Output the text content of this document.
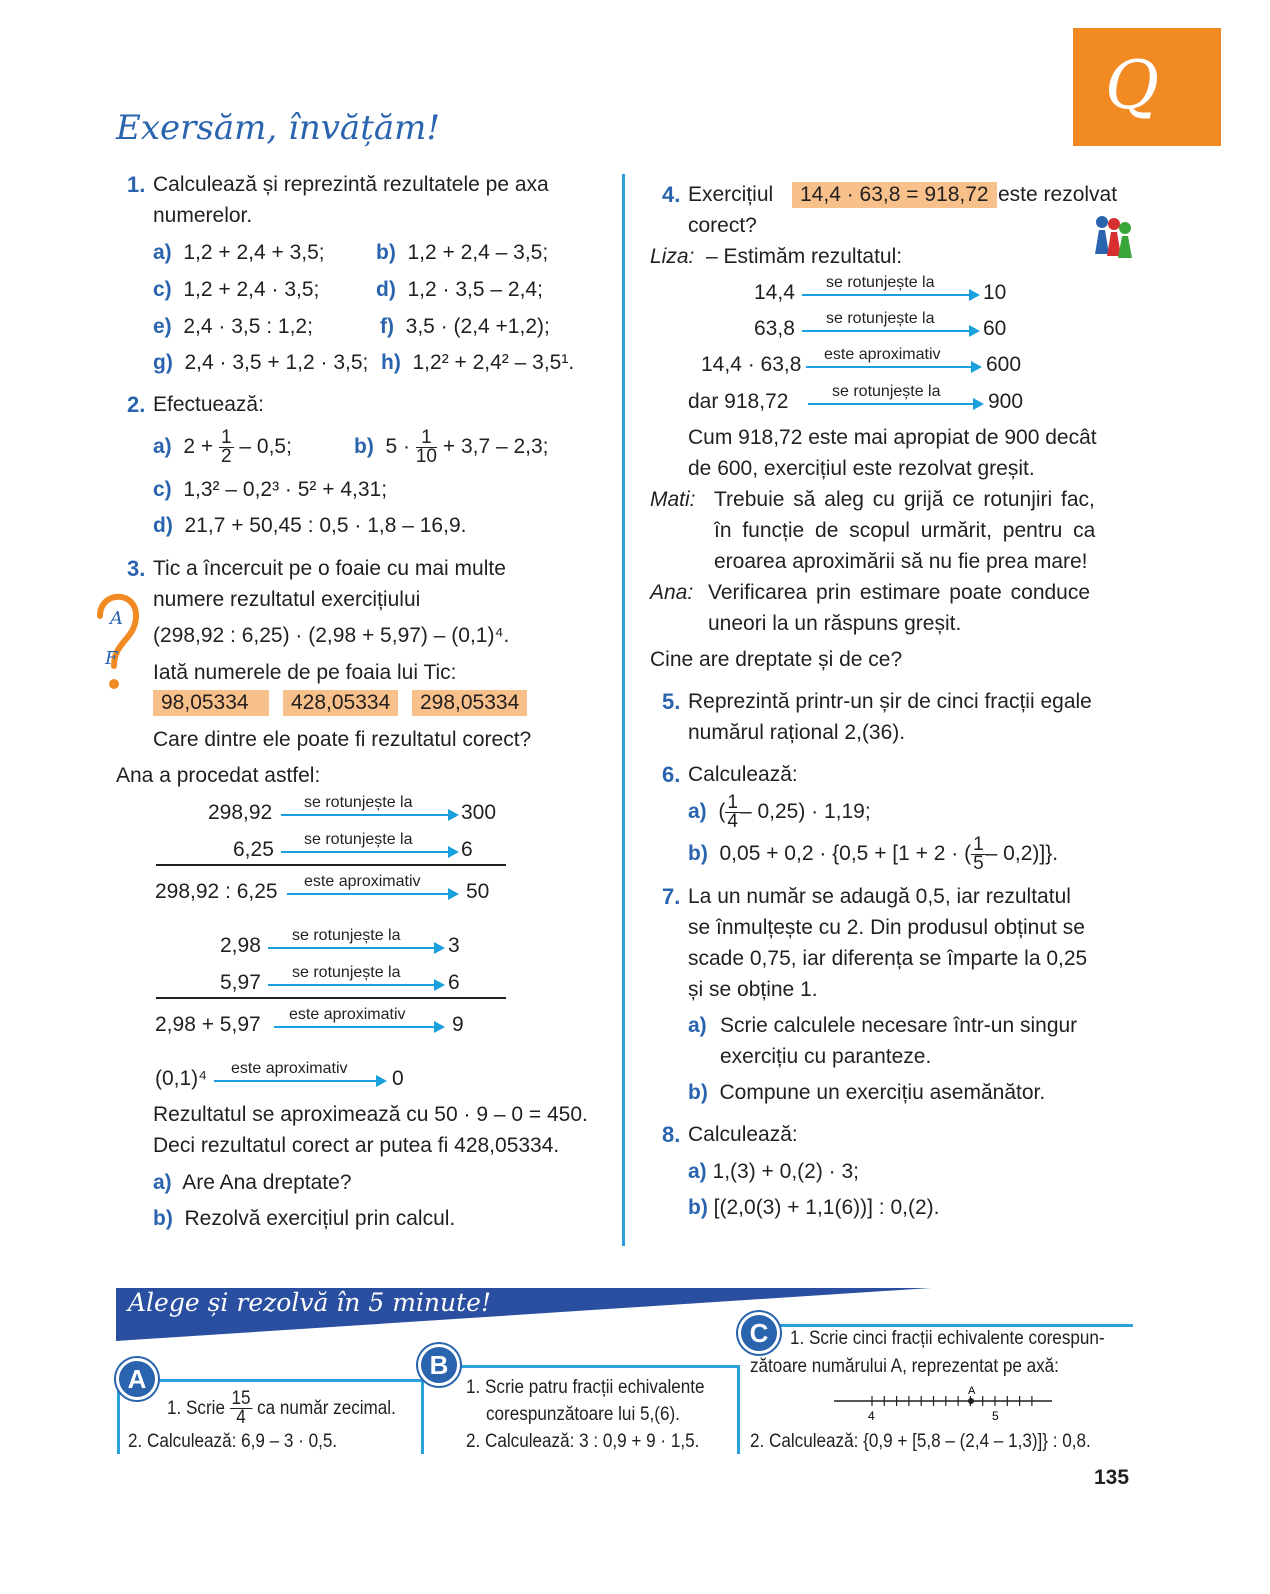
Q
Exersăm, învățăm!
1. Calculează și reprezintă rezultatele pe axa
numerelor.
a) 1,2 + 2,4 + 3,5; b) 1,2 + 2,4 – 3,5;
c) 1,2 + 2,4 · 3,5;	d) 1,2 · 3,5 – 2,4;
e) 2,4 · 3,5 : 1,2;	f) 3,5 · (2,4 +1,2);
g) 2,4 · 3,5 + 1,2 · 3,5; h) 1,2² + 2,4² – 3,5¹.
2. Efectuează:
a) $2 + \frac{1}{2} - 0,5$;	b) $5 \cdot \frac{1}{10} + 3,7 - 2,3$;
c) 1,3² – 0,2³ · 5² + 4,31;
d) 21,7 + 50,45 : 0,5 · 1,8 – 16,9.
3. Tic a încercuit pe o foaie cu mai multe
numere rezultatul exercițiului
(298,92 : 6,25) · (2,98 + 5,97) – (0,1)⁴.
Iată numerele de pe foaia lui Tic:
A
F
98,05334	428,05334	298,05334
Care dintre ele poate fi rezultatul corect?
Ana a procedat astfel:
298,92 se rotunjește la 300
6,25 se rotunjește la 6
298,92 : 6,25 este aproximativ 50
2,98 se rotunjește la 3
5,97 se rotunjește la 6
2,98 + 5,97 este aproximativ 9
(0,1)⁴ este aproximativ 0
Rezultatul se aproximează cu 50 · 9 – 0 = 450.
Deci rezultatul corect ar putea fi 428,05334.
a) Are Ana dreptate?
b) Rezolvă exercițiul prin calcul.
4. Exercițiul	14,4 · 63,8 = 918,72 este rezolvat
corect?
Liza: – Estimăm rezultatul:
14,4 se rotunjește la 10
63,8 se rotunjește la 60
14,4 · 63,8 este aproximativ 600
dar 918,72	se rotunjește la 900
Cum 918,72 este mai apropiat de 900 decât
de 600, exercițiul este rezolvat greșit.
Mati: Trebuie să aleg cu grijă ce rotunjiri fac,
în funcție de scopul urmărit, pentru ca
eroarea aproximării să nu fie prea mare!
Ana: Verificarea prin estimare poate conduce
uneori la un răspuns greșit.
Cine are dreptate și de ce?
5. Reprezintă printr-un șir de cinci fracții egale
numărul rațional 2,(36).
6. Calculează:
a)  ( $\frac{1}{4} - 0,25) \cdot 1,19$;
b) 0,05 + 0,2 · {0,5 + [1 + 2 · ( $\frac{1}{5} - 0,2$)]}.
7. La un număr se adaugă 0,5, iar rezultatul
se înmulțește cu 2. Din produsul obținut se
scade 0,75, iar diferența se împarte la 0,25
și se obține 1.
a) Scrie calculele necesare într-un singur
exercițiu cu paranteze.
b) Compune un exercițiu asemănător.
8. Calculează:
a) 1,(3) + 0,(2) · 3;
b) [(2,0(3) + 1,1(6))] : 0,(2).
Alege și rezolvă în 5 minute!
A
1. Scrie $\frac{15}{4}$ ca număr zecimal.
2. Calculează: 6,9 – 3 · 0,5.
B
1. Scrie patru fracții echivalente
corespunzătoare lui 5,(6).
2. Calculează: 3 : 0,9 + 9 · 1,5.
C	1. Scrie cinci fracții echivalente corespun-
zătoare numărului A, reprezentat pe axă:
A
4	5
2. Calculează: {0,9 + [5,8 – (2,4 – 1,3)]} : 0,8.
135
